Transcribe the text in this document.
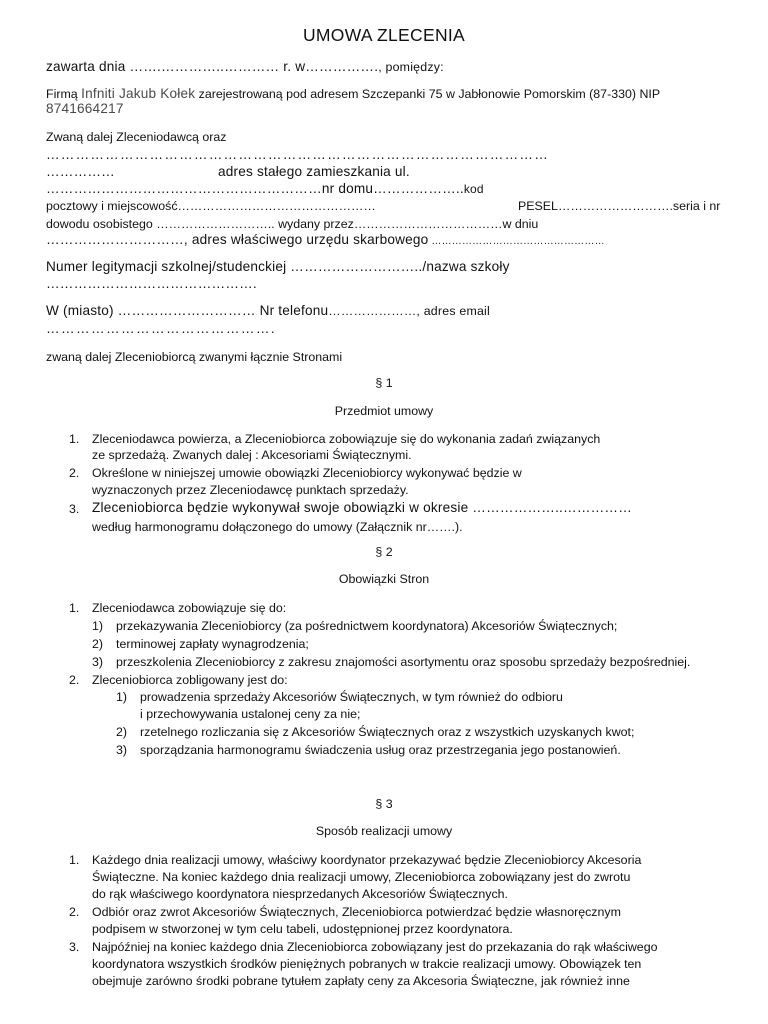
UMOWA ZLECENIA
zawarta dnia …….…………..………… r. w……………., pomiędzy:
Firmą Infniti Jakub Kołek zarejestrowaną pod adresem Szczepanki 75 w Jabłonowie Pomorskim (87-330) NIP
8741664217
Zwaną dalej Zleceniodawcą oraz
…………………………………………………………………………………………
……………	adres stałego zamieszkania ul.
……………………………………………………nr domu………………..kod
pocztowy i miejscowość…………………………………………	PESEL……………………….seria i nr
dowodu osobistego ……………………….. wydany przez………………………………w dniu
…………………………, adres właściwego urzędu skarbowego ……………………………………………
Numer legitymacji szkolnej/studenckiej ………………………../nazwa szkoły
……………………………………….
W (miasto) ………………………… Nr telefonu…………………, adres email
……………………………………….
zwaną dalej Zleceniobiorcą zwanymi łącznie Stronami
§ 1
Przedmiot umowy
1. Zleceniodawca powierza, a Zleceniobiorca zobowiązuje się do wykonania zadań związanych
ze sprzedażą. Zwanych dalej : Akcesoriami Świątecznymi.
2. Określone w niniejszej umowie obowiązki Zleceniobiorcy wykonywać będzie w
wyznaczonych przez Zleceniodawcę punktach sprzedaży.
3. Zleceniobiorca będzie wykonywał swoje obowiązki w okresie ………………..……………
według harmonogramu dołączonego do umowy (Załącznik nr…….).
§ 2
Obowiązki Stron
1. Zleceniodawca zobowiązuje się do:
1) przekazywania Zleceniobiorcy (za pośrednictwem koordynatora) Akcesoriów Świątecznych;
2) terminowej zapłaty wynagrodzenia;
3) przeszkolenia Zleceniobiorcy z zakresu znajomości asortymentu oraz sposobu sprzedaży bezpośredniej.
2. Zleceniobiorca zobligowany jest do:
1) prowadzenia sprzedaży Akcesoriów Świątecznych, w tym również do odbioru
i przechowywania ustalonej ceny za nie;
2) rzetelnego rozliczania się z Akcesoriów Świątecznych oraz z wszystkich uzyskanych kwot;
3) sporządzania harmonogramu świadczenia usług oraz przestrzegania jego postanowień.
§ 3
Sposób realizacji umowy
1. Każdego dnia realizacji umowy, właściwy koordynator przekazywać będzie Zleceniobiorcy Akcesoria
Świąteczne. Na koniec każdego dnia realizacji umowy, Zleceniobiorca zobowiązany jest do zwrotu
do rąk właściwego koordynatora niesprzedanych Akcesoriów Świątecznych.
2. Odbiór oraz zwrot Akcesoriów Świątecznych, Zleceniobiorca potwierdzać będzie własnoręcznym
podpisem w stworzonej w tym celu tabeli, udostępnionej przez koordynatora.
3. Najpóźniej na koniec każdego dnia Zleceniobiorca zobowiązany jest do przekazania do rąk właściwego
koordynatora wszystkich środków pieniężnych pobranych w trakcie realizacji umowy. Obowiązek ten
obejmuje zarówno środki pobrane tytułem zapłaty ceny za Akcesoria Świąteczne, jak również inne
